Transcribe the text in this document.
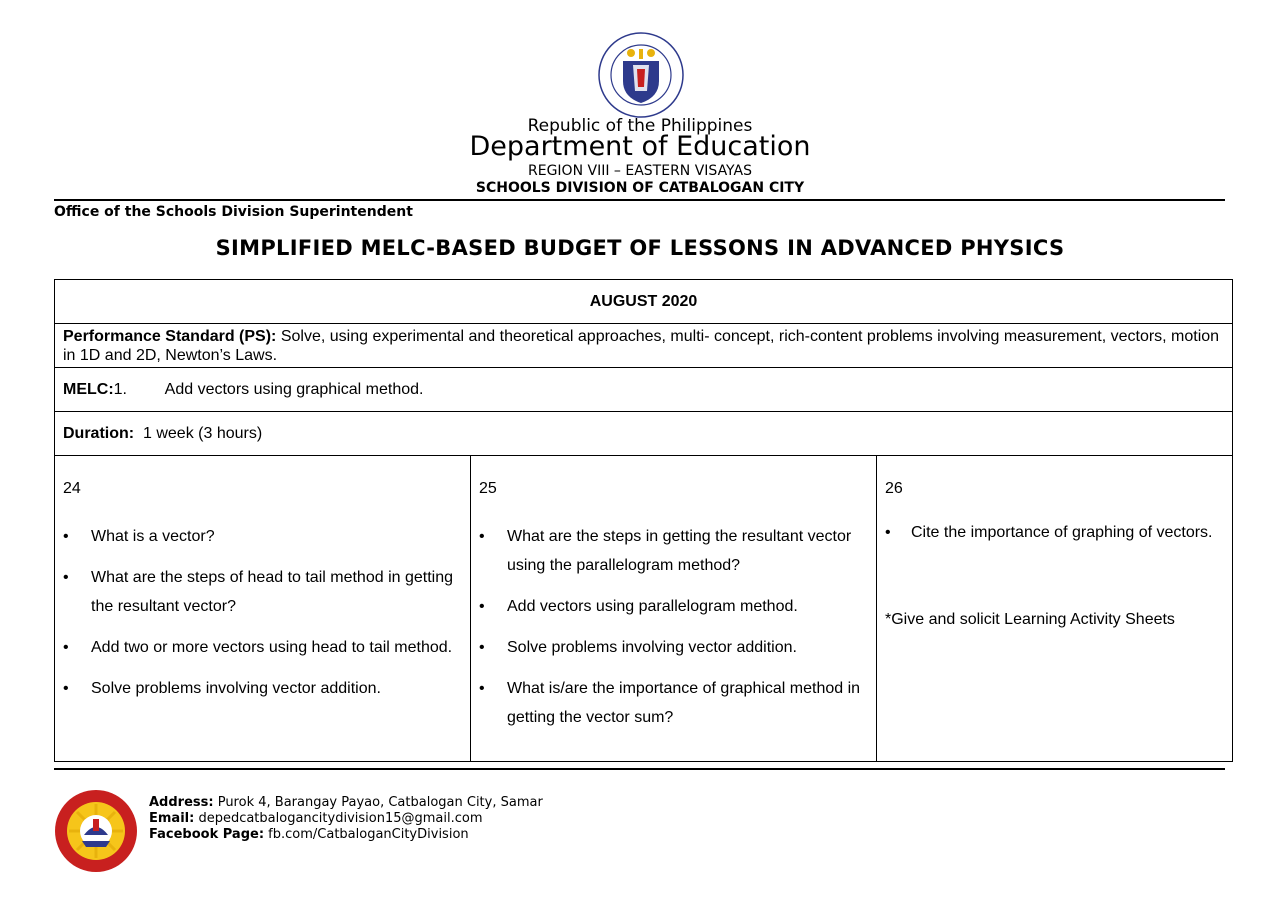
Republic of the Philippines
Department of Education
REGION VIII – EASTERN VISAYAS
SCHOOLS DIVISION OF CATBALOGAN CITY
Office of the Schools Division Superintendent
SIMPLIFIED MELC-BASED BUDGET OF LESSONS IN ADVANCED PHYSICS
AUGUST 2020
Performance Standard (PS): Solve, using experimental and theoretical approaches, multi- concept, rich-content problems involving measurement, vectors, motion in 1D and 2D, Newton’s Laws.
MELC:1. Add vectors using graphical method.
Duration:  1 week (3 hours)
24
• What is a vector?
• What are the steps of head to tail method in getting the resultant vector?
• Add two or more vectors using head to tail method.
• Solve problems involving vector addition.
25
• What are the steps in getting the resultant vector using the parallelogram method?
• Add vectors using parallelogram method.
• Solve problems involving vector addition.
• What is/are the importance of graphical method in getting the vector sum?
26
• Cite the importance of graphing of vectors.
*Give and solicit Learning Activity Sheets
Address: Purok 4, Barangay Payao, Catbalogan City, Samar
Email: depedcatbalogancitydivision15@gmail.com
Facebook Page: fb.com/CatbaloganCityDivision
